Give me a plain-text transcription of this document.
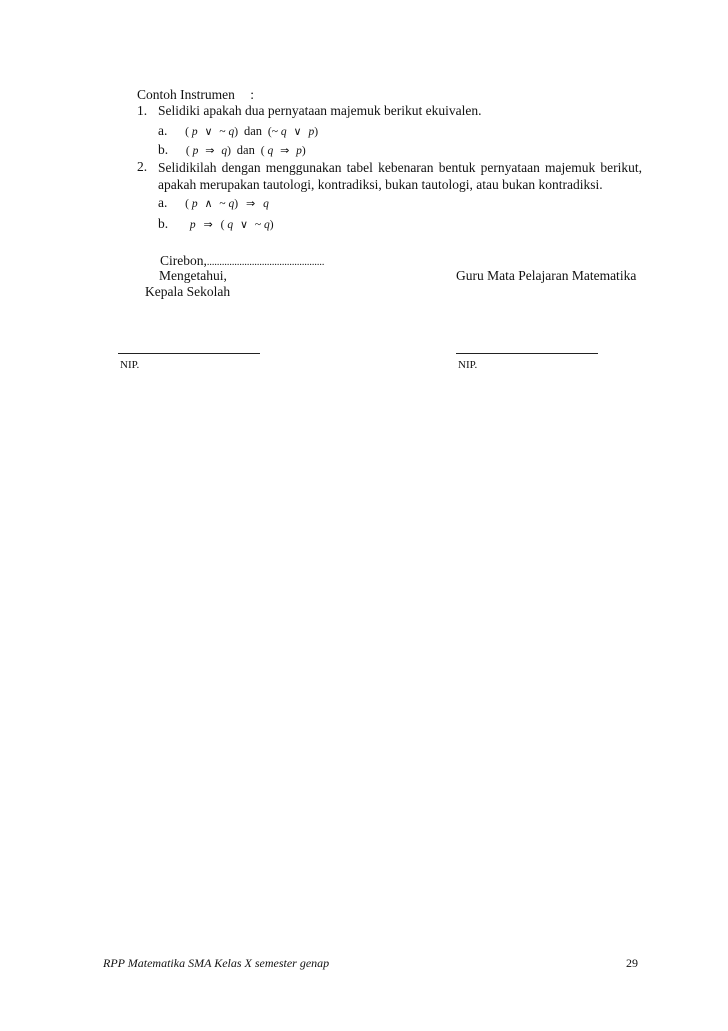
Contoh Instrumen :
1. Selidiki apakah dua pernyataan majemuk berikut ekuivalen.
a. ( p ∨ ~ q) dan (~ q ∨ p)
b. ( p ⇒ q) dan ( q ⇒ p)
2. Selidikilah dengan menggunakan tabel kebenaran bentuk pernyataan majemuk berikut, apakah merupakan tautologi, kontradiksi, bukan tautologi, atau bukan kontradiksi.
a. ( p ∧ ~ q) ⇒ q
b. p ⇒ ( q ∨ ~ q)
Cirebon,...............................................
Mengetahui,	Guru Mata Pelajaran Matematika
Kepala Sekolah
NIP.	NIP.
RPP Matematika SMA Kelas X semester genap	29
